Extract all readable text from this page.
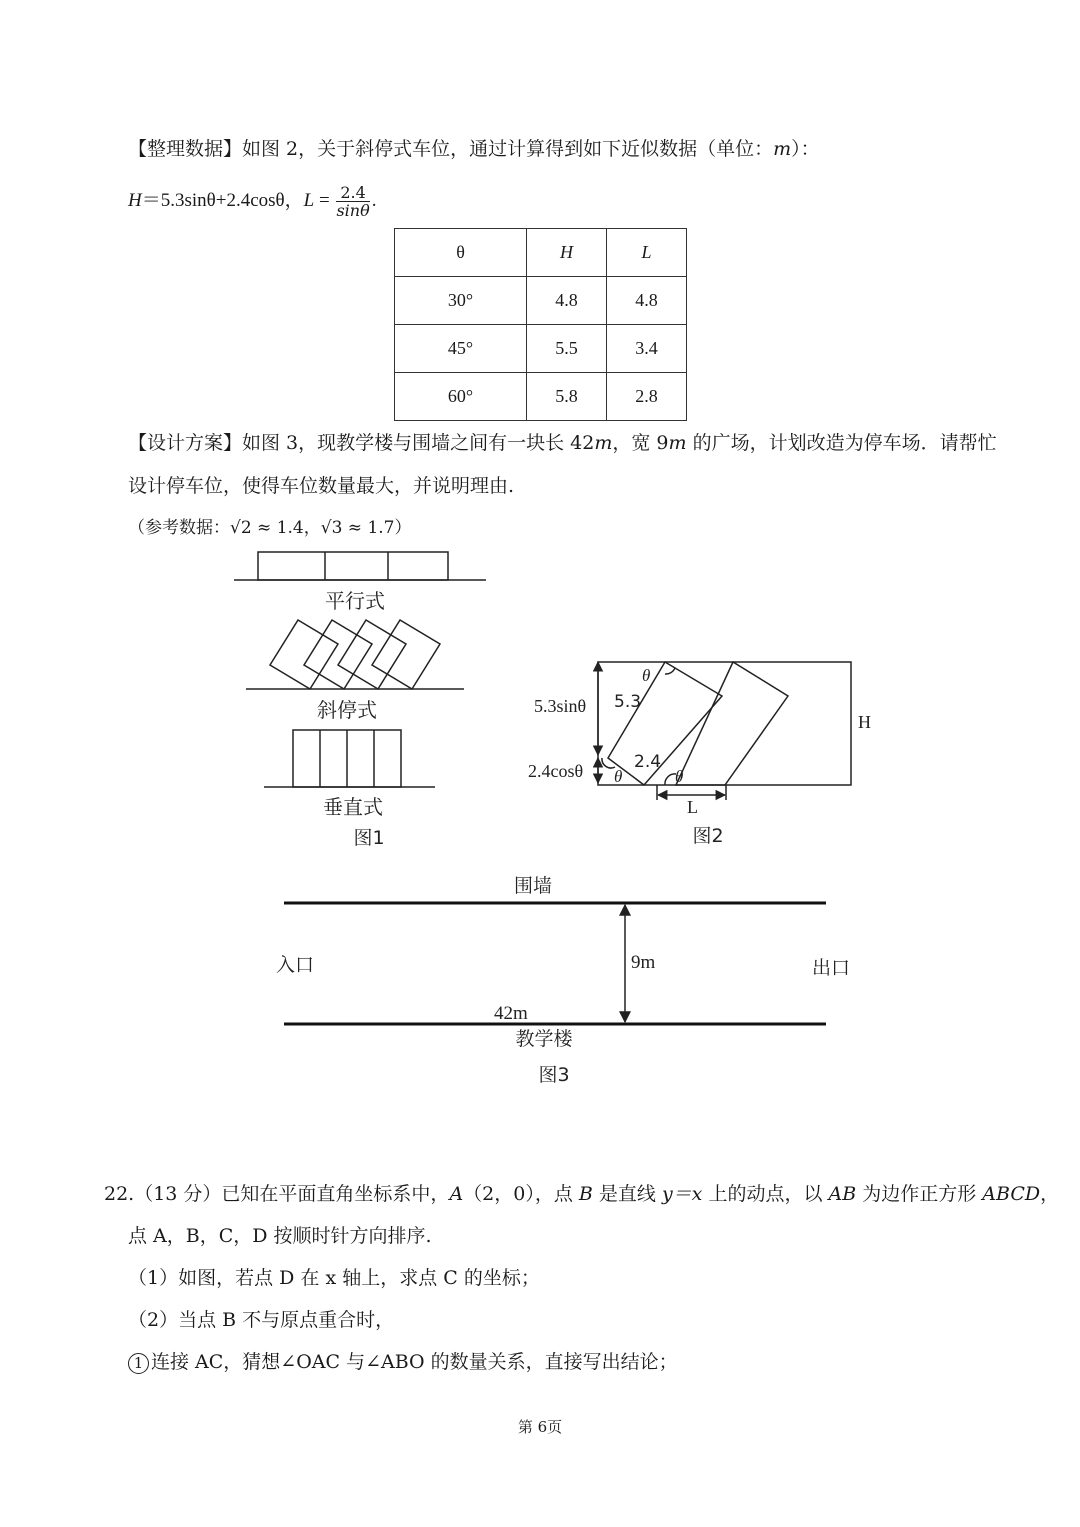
【整理数据】如图 2，关于斜停式车位，通过计算得到如下近似数据（单位：m）：
H＝5.3sinθ+2.4cosθ，$L = \frac{2.4}{\sin\theta}$ .
θ	H	L
30°	4.8	4.8
45°	5.5	3.4
60°	5.8	2.8
【设计方案】如图 3，现教学楼与围墙之间有一块长 42m，宽 9m 的广场，计划改造为停车场．请帮忙
设计停车位，使得车位数量最大，并说明理由.
（参考数据：√2 ≈ 1.4，√3 ≈ 1.7）
平行式
斜停式
垂直式
图1
5.3sinθ
2.4cosθ
5.3
2.4
θ
θ	θ
H
L
图2
围墙
入口	出口
9m
42m
教学楼
图3
22.（13 分）已知在平面直角坐标系中，A（2，0），点 B 是直线 y＝x 上的动点，以 AB 为边作正方形 ABCD，
点 A，B，C，D 按顺时针方向排序.
（1）如图，若点 D 在 x 轴上，求点 C 的坐标；
（2）当点 B 不与原点重合时，
1 连接 AC，猜想∠OAC 与∠ABO 的数量关系，直接写出结论；
第 6页
